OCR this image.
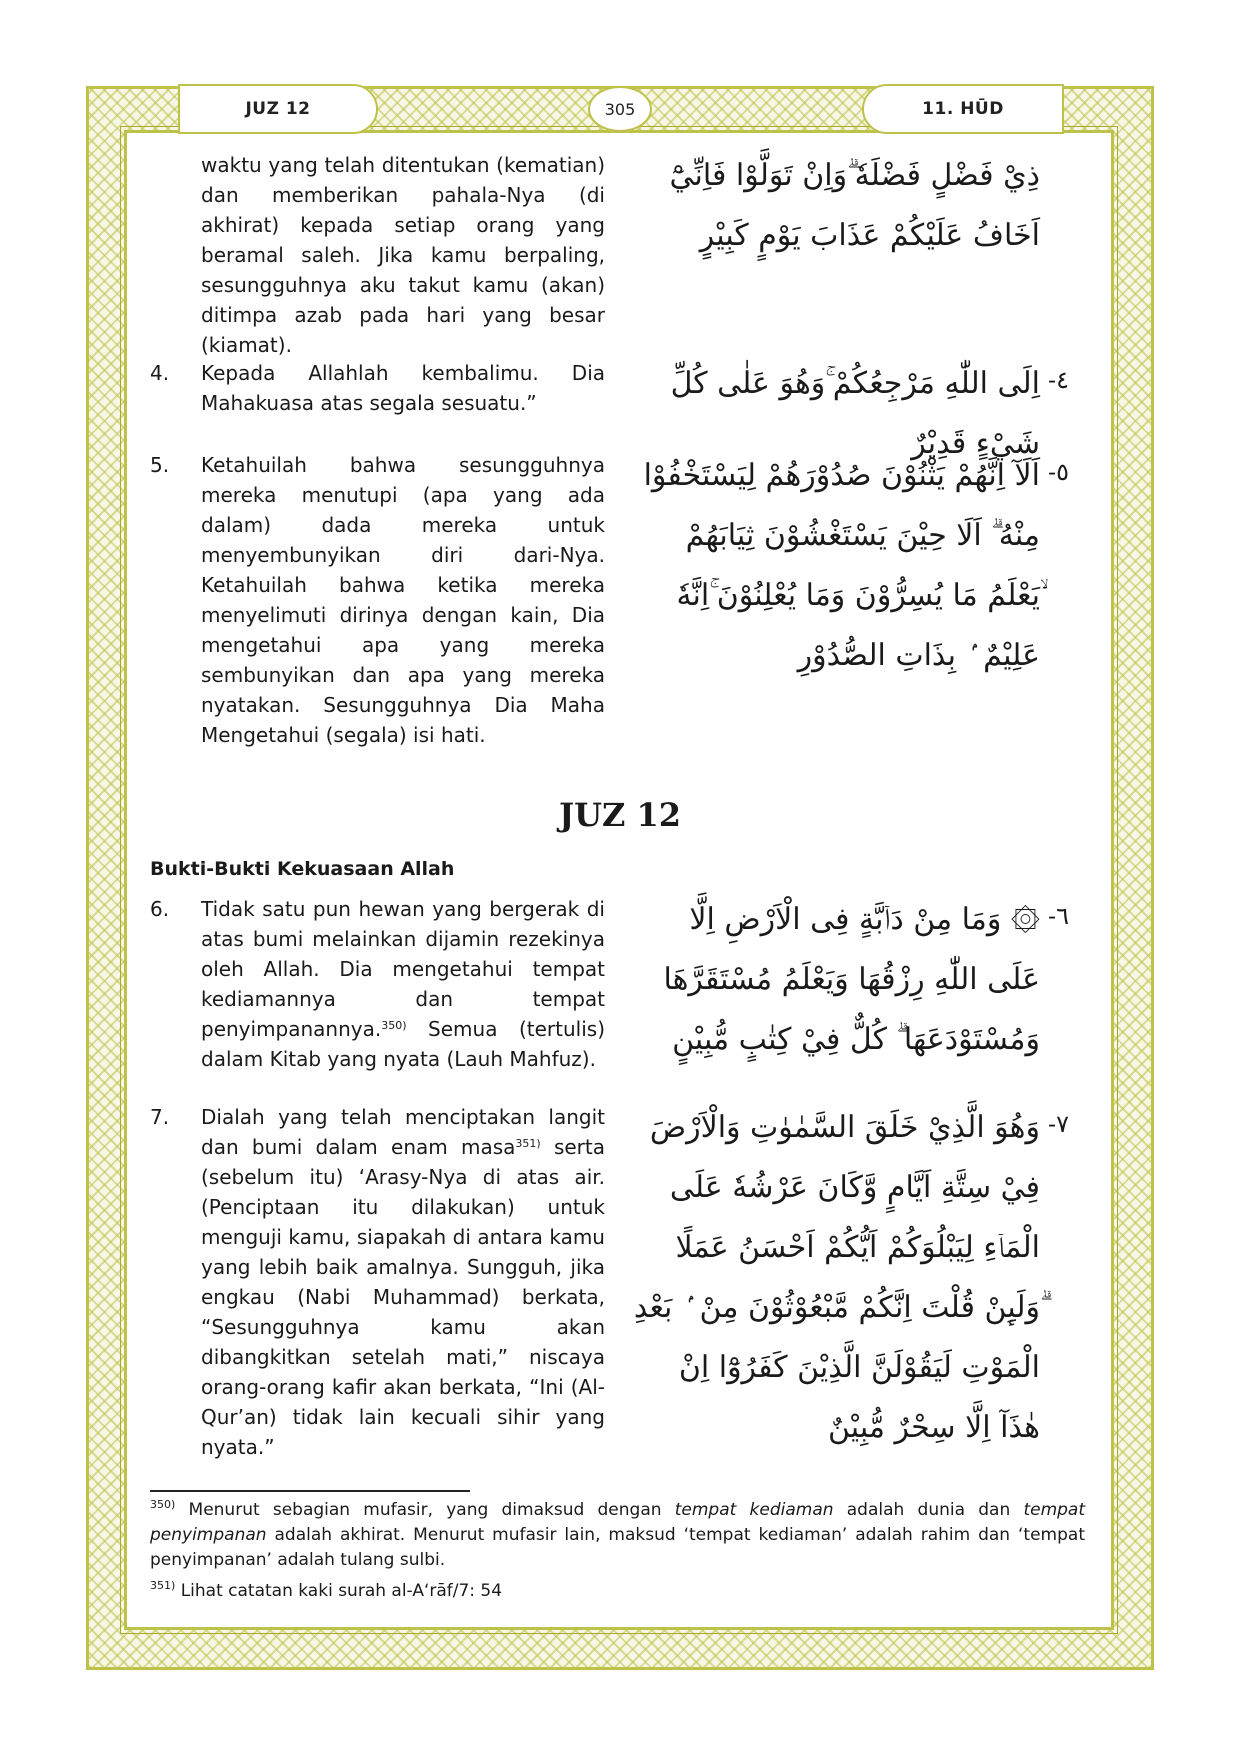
JUZ 12	305	11. HŪD
waktu yang telah ditentukan (kematian) dan memberikan pahala-Nya (di akhirat) kepada setiap orang yang beramal saleh. Jika kamu berpaling, sesungguhnya aku takut kamu (akan) ditimpa azab pada hari yang besar (kiamat).
ذِيْ فَضْلٍ فَضْلَهٗ ۗوَاِنْ تَوَلَّوْا فَاِنِّيْٓ اَخَافُ عَلَيْكُمْ عَذَابَ يَوْمٍ كَبِيْرٍ
4. Kepada Allahlah kembalimu. Dia Mahakuasa atas segala sesuatu.”
اِلَى اللّٰهِ مَرْجِعُكُمْ ۚوَهُوَ عَلٰى كُلِّ شَيْءٍ قَدِيْرٌ
-٤
5. Ketahuilah bahwa sesungguhnya mereka menutupi (apa yang ada dalam) dada mereka untuk menyembunyikan diri dari-Nya. Ketahuilah bahwa ketika mereka menyelimuti dirinya dengan kain, Dia mengetahui apa yang mereka sembunyikan dan apa yang mereka nyatakan. Sesungguhnya Dia Maha Mengetahui (segala) isi hati.
اَلَآ اِنَّهُمْ يَثْنُوْنَ صُدُوْرَهُمْ لِيَسْتَخْفُوْا مِنْهُ ۗ اَلَا حِيْنَ يَسْتَغْشُوْنَ ثِيَابَهُمْ ۙيَعْلَمُ مَا يُسِرُّوْنَ وَمَا يُعْلِنُوْنَ ۚاِنَّهٗ عَلِيْمٌ ۢ بِذَاتِ الصُّدُوْرِ
-٥
JUZ 12
Bukti-Bukti Kekuasaan Allah
6. Tidak satu pun hewan yang bergerak di atas bumi melainkan dijamin rezekinya oleh Allah. Dia mengetahui tempat kediamannya dan tempat penyimpanannya.$^{350)}$ Semua (tertulis) dalam Kitab yang nyata (Lauh Mahfuz).
۞ وَمَا مِنْ دَاۤبَّةٍ فِى الْاَرْضِ اِلَّا عَلَى اللّٰهِ رِزْقُهَا وَيَعْلَمُ مُسْتَقَرَّهَا وَمُسْتَوْدَعَهَا ۗ كُلٌّ فِيْ كِتٰبٍ مُّبِيْنٍ
-٦
7. Dialah yang telah menciptakan langit dan bumi dalam enam masa$^{351)}$ serta (sebelum itu) ‘Arasy-Nya di atas air. (Penciptaan itu dilakukan) untuk menguji kamu, siapakah di antara kamu yang lebih baik amalnya. Sungguh, jika engkau (Nabi Muhammad) berkata, “Sesungguhnya kamu akan dibangkitkan setelah mati,” niscaya orang-orang kafir akan berkata, “Ini (Al-Qur’an) tidak lain kecuali sihir yang nyata.”
وَهُوَ الَّذِيْ خَلَقَ السَّمٰوٰتِ وَالْاَرْضَ فِيْ سِتَّةِ اَيَّامٍ وَّكَانَ عَرْشُهٗ عَلَى الْمَاۤءِ لِيَبْلُوَكُمْ اَيُّكُمْ اَحْسَنُ عَمَلًا ۗوَلَىِٕنْ قُلْتَ اِنَّكُمْ مَّبْعُوْثُوْنَ مِنْ ۢ بَعْدِ الْمَوْتِ لَيَقُوْلَنَّ الَّذِيْنَ كَفَرُوْٓا اِنْ هٰذَآ اِلَّا سِحْرٌ مُّبِيْنٌ
-٧

$^{350)}$ Menurut sebagian mufasir, yang dimaksud dengan tempat kediaman adalah dunia dan tempat penyimpanan adalah akhirat. Menurut mufasir lain, maksud ‘tempat kediaman’ adalah rahim dan ‘tempat penyimpanan’ adalah tulang sulbi.

$^{351)}$ Lihat catatan kaki surah al-A‘rāf/7: 54
